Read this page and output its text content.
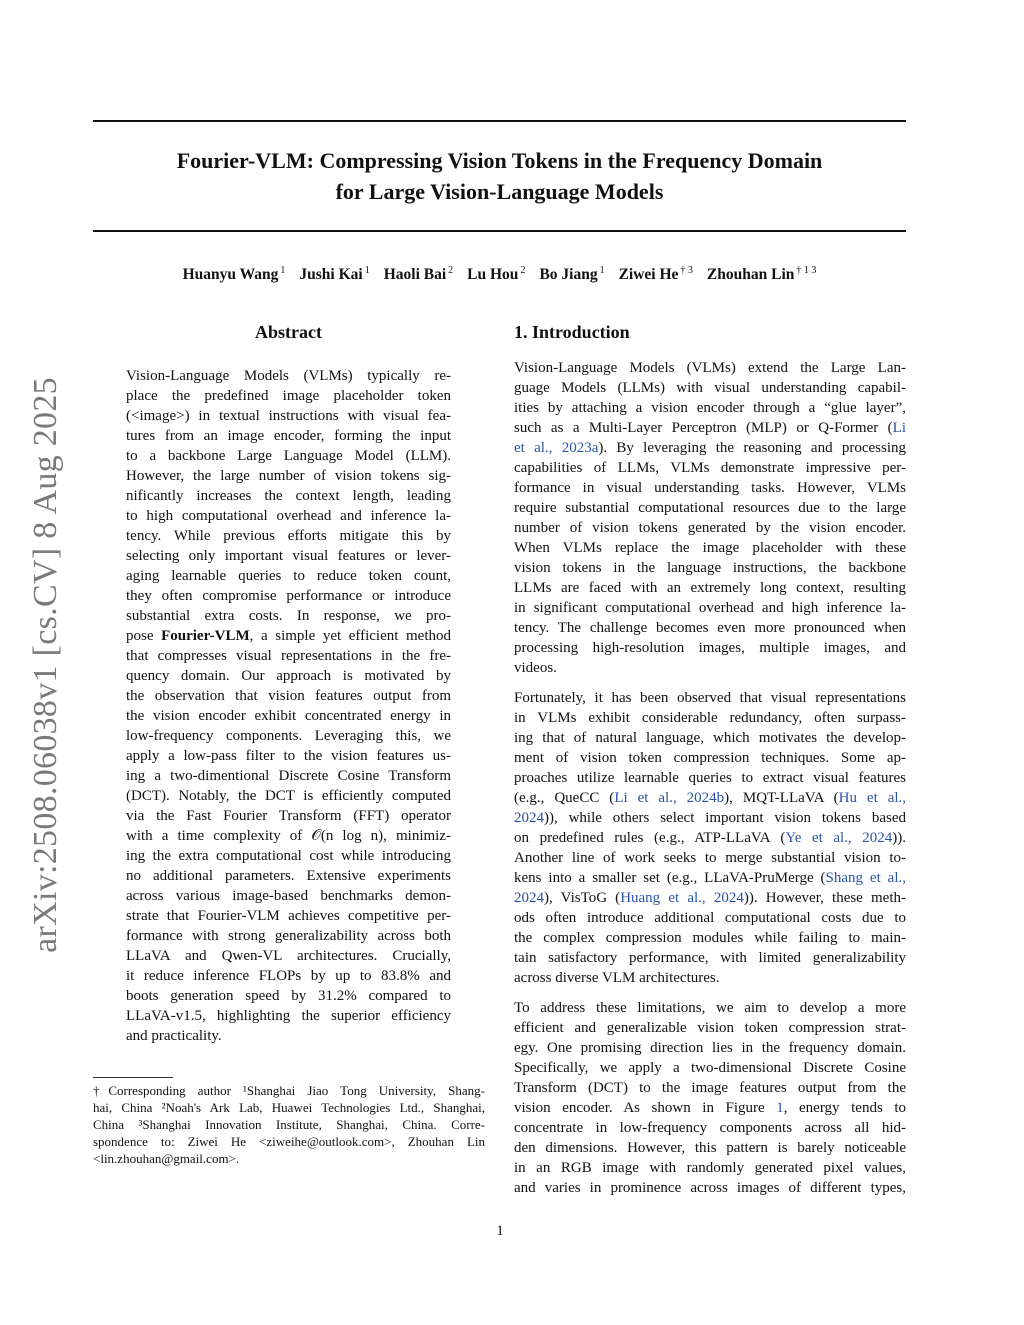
arXiv:2508.06038v1 [cs.CV] 8 Aug 2025
Fourier-VLM: Compressing Vision Tokens in the Frequency Domain
for Large Vision-Language Models
Huanyu Wang $^1$ Jushi Kai $^1$ Haoli Bai $^2$ Lu Hou $^2$ Bo Jiang $^1$ Ziwei He $^{\dagger 3}$ Zhouhan Lin $^{\dagger 1 3}$
Abstract
Vision-Language Models (VLMs) typically re-
place the predefined image placeholder token
(<image>) in textual instructions with visual fea-
tures from an image encoder, forming the input
to a backbone Large Language Model (LLM).
However, the large number of vision tokens sig-
nificantly increases the context length, leading
to high computational overhead and inference la-
tency. While previous efforts mitigate this by
selecting only important visual features or lever-
aging learnable queries to reduce token count,
they often compromise performance or introduce
substantial extra costs. In response, we pro-
pose Fourier-VLM, a simple yet efficient method
that compresses visual representations in the fre-
quency domain. Our approach is motivated by
the observation that vision features output from
the vision encoder exhibit concentrated energy in
low-frequency components. Leveraging this, we
apply a low-pass filter to the vision features us-
ing a two-dimentional Discrete Cosine Transform
(DCT). Notably, the DCT is efficiently computed
via the Fast Fourier Transform (FFT) operator
with a time complexity of 𝒪(n log n), minimiz-
ing the extra computational cost while introducing
no additional parameters. Extensive experiments
across various image-based benchmarks demon-
strate that Fourier-VLM achieves competitive per-
formance with strong generalizability across both
LLaVA and Qwen-VL architectures. Crucially,
it reduce inference FLOPs by up to 83.8% and
boots generation speed by 31.2% compared to
LLaVA-v1.5, highlighting the superior efficiency
and practicality.
†Corresponding author ¹Shanghai Jiao Tong University, Shang-
hai, China ²Noah's Ark Lab, Huawei Technologies Ltd., Shanghai,
China ³Shanghai Innovation Institute, Shanghai, China. Corre-
spondence to: Ziwei He <ziweihe@outlook.com>, Zhouhan Lin
<lin.zhouhan@gmail.com>.
1. Introduction
Vision-Language Models (VLMs) extend the Large Lan-
guage Models (LLMs) with visual understanding capabil-
ities by attaching a vision encoder through a “glue layer”,
such as a Multi-Layer Perceptron (MLP) or Q-Former (Li
et al., 2023a). By leveraging the reasoning and processing
capabilities of LLMs, VLMs demonstrate impressive per-
formance in visual understanding tasks. However, VLMs
require substantial computational resources due to the large
number of vision tokens generated by the vision encoder.
When VLMs replace the image placeholder with these
vision tokens in the language instructions, the backbone
LLMs are faced with an extremely long context, resulting
in significant computational overhead and high inference la-
tency. The challenge becomes even more pronounced when
processing high-resolution images, multiple images, and
videos.
Fortunately, it has been observed that visual representations
in VLMs exhibit considerable redundancy, often surpass-
ing that of natural language, which motivates the develop-
ment of vision token compression techniques. Some ap-
proaches utilize learnable queries to extract visual features
(e.g., QueCC (Li et al., 2024b), MQT-LLaVA (Hu et al.,
2024)), while others select important vision tokens based
on predefined rules (e.g., ATP-LLaVA (Ye et al., 2024)).
Another line of work seeks to merge substantial vision to-
kens into a smaller set (e.g., LLaVA-PruMerge (Shang et al.,
2024), VisToG (Huang et al., 2024)). However, these meth-
ods often introduce additional computational costs due to
the complex compression modules while failing to main-
tain satisfactory performance, with limited generalizability
across diverse VLM architectures.
To address these limitations, we aim to develop a more
efficient and generalizable vision token compression strat-
egy. One promising direction lies in the frequency domain.
Specifically, we apply a two-dimensional Discrete Cosine
Transform (DCT) to the image features output from the
vision encoder. As shown in Figure 1, energy tends to
concentrate in low-frequency components across all hid-
den dimensions. However, this pattern is barely noticeable
in an RGB image with randomly generated pixel values,
and varies in prominence across images of different types,
1
